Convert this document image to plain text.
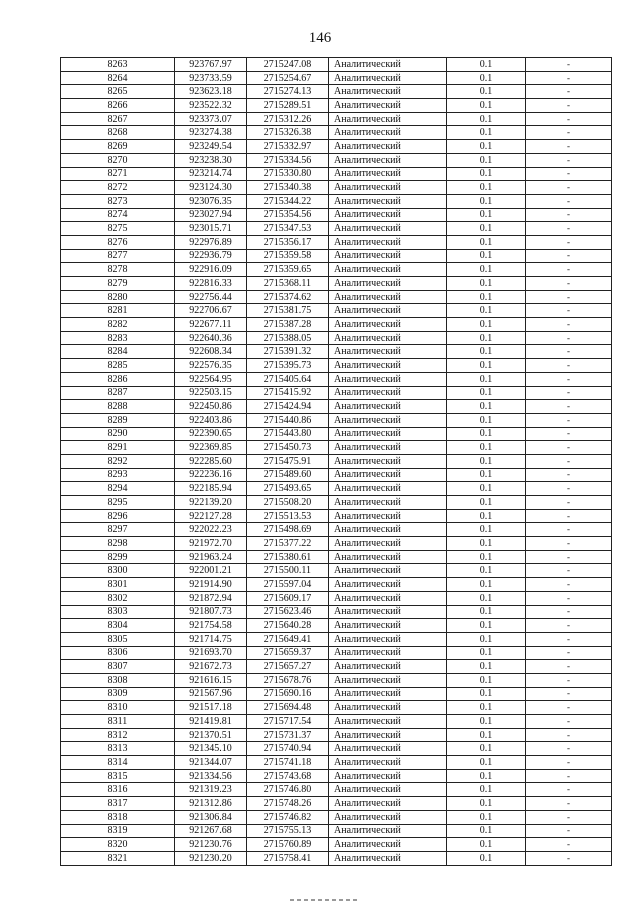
146
8263	923767.97	2715247.08	Аналитический	0.1	-
8264	923733.59	2715254.67	Аналитический	0.1	-
8265	923623.18	2715274.13	Аналитический	0.1	-
8266	923522.32	2715289.51	Аналитический	0.1	-
8267	923373.07	2715312.26	Аналитический	0.1	-
8268	923274.38	2715326.38	Аналитический	0.1	-
8269	923249.54	2715332.97	Аналитический	0.1	-
8270	923238.30	2715334.56	Аналитический	0.1	-
8271	923214.74	2715330.80	Аналитический	0.1	-
8272	923124.30	2715340.38	Аналитический	0.1	-
8273	923076.35	2715344.22	Аналитический	0.1	-
8274	923027.94	2715354.56	Аналитический	0.1	-
8275	923015.71	2715347.53	Аналитический	0.1	-
8276	922976.89	2715356.17	Аналитический	0.1	-
8277	922936.79	2715359.58	Аналитический	0.1	-
8278	922916.09	2715359.65	Аналитический	0.1	-
8279	922816.33	2715368.11	Аналитический	0.1	-
8280	922756.44	2715374.62	Аналитический	0.1	-
8281	922706.67	2715381.75	Аналитический	0.1	-
8282	922677.11	2715387.28	Аналитический	0.1	-
8283	922640.36	2715388.05	Аналитический	0.1	-
8284	922608.34	2715391.32	Аналитический	0.1	-
8285	922576.35	2715395.73	Аналитический	0.1	-
8286	922564.95	2715405.64	Аналитический	0.1	-
8287	922503.15	2715415.92	Аналитический	0.1	-
8288	922450.86	2715424.94	Аналитический	0.1	-
8289	922403.86	2715440.86	Аналитический	0.1	-
8290	922390.65	2715443.80	Аналитический	0.1	-
8291	922369.85	2715450.73	Аналитический	0.1	-
8292	922285.60	2715475.91	Аналитический	0.1	-
8293	922236.16	2715489.60	Аналитический	0.1	-
8294	922185.94	2715493.65	Аналитический	0.1	-
8295	922139.20	2715508.20	Аналитический	0.1	-
8296	922127.28	2715513.53	Аналитический	0.1	-
8297	922022.23	2715498.69	Аналитический	0.1	-
8298	921972.70	2715377.22	Аналитический	0.1	-
8299	921963.24	2715380.61	Аналитический	0.1	-
8300	922001.21	2715500.11	Аналитический	0.1	-
8301	921914.90	2715597.04	Аналитический	0.1	-
8302	921872.94	2715609.17	Аналитический	0.1	-
8303	921807.73	2715623.46	Аналитический	0.1	-
8304	921754.58	2715640.28	Аналитический	0.1	-
8305	921714.75	2715649.41	Аналитический	0.1	-
8306	921693.70	2715659.37	Аналитический	0.1	-
8307	921672.73	2715657.27	Аналитический	0.1	-
8308	921616.15	2715678.76	Аналитический	0.1	-
8309	921567.96	2715690.16	Аналитический	0.1	-
8310	921517.18	2715694.48	Аналитический	0.1	-
8311	921419.81	2715717.54	Аналитический	0.1	-
8312	921370.51	2715731.37	Аналитический	0.1	-
8313	921345.10	2715740.94	Аналитический	0.1	-
8314	921344.07	2715741.18	Аналитический	0.1	-
8315	921334.56	2715743.68	Аналитический	0.1	-
8316	921319.23	2715746.80	Аналитический	0.1	-
8317	921312.86	2715748.26	Аналитический	0.1	-
8318	921306.84	2715746.82	Аналитический	0.1	-
8319	921267.68	2715755.13	Аналитический	0.1	-
8320	921230.76	2715760.89	Аналитический	0.1	-
8321	921230.20	2715758.41	Аналитический	0.1	-
